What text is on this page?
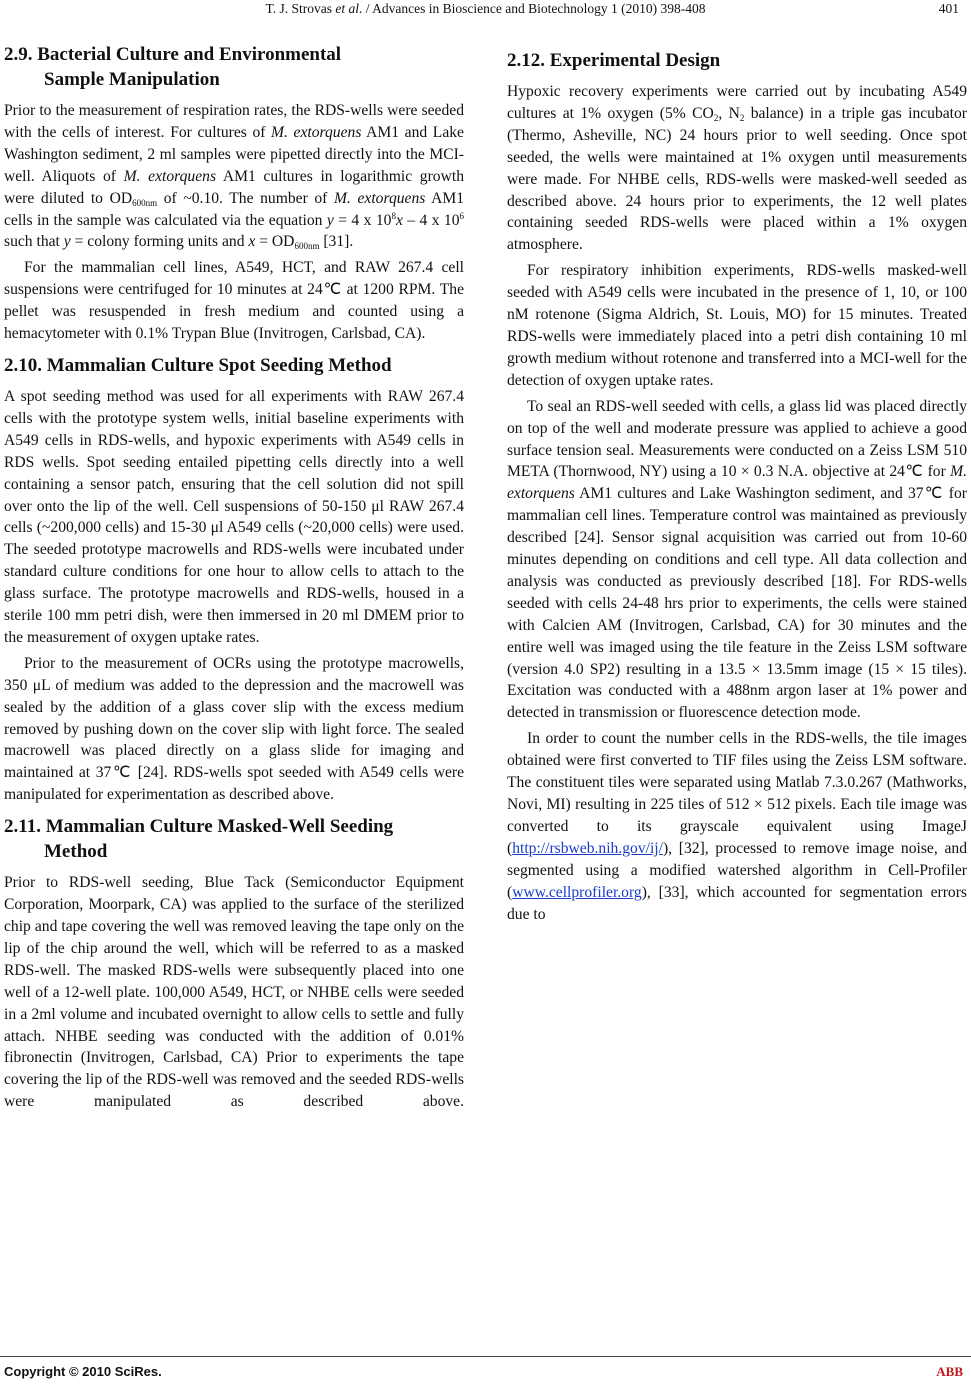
T. J. Strovas et al. / Advances in Bioscience and Biotechnology 1 (2010) 398-408	401
2.9. Bacterial Culture and Environmental
Sample Manipulation

Prior to the measurement of respiration rates, the RDS-wells were seeded with the cells of interest. For cultures of M. extorquens AM1 and Lake Washington sediment, 2 ml samples were pipetted directly into the MCI-well. Aliquots of M. extorquens AM1 cultures in logarithmic growth were diluted to $OD_{600nm}$ of ~0.10. The number of M. extorquens AM1 cells in the sample was calculated via the equation y = 4 x $10^8x - 4$ x $10^6$ such that y = colony forming units and $x = OD_{600nm}$ [31].

For the mammalian cell lines, A549, HCT, and RAW 267.4 cell suspensions were centrifuged for 10 minutes at 24℃ at 1200 RPM. The pellet was resuspended in fresh medium and counted using a hemacytometer with 0.1% Trypan Blue (Invitrogen, Carlsbad, CA).

2.10. Mammalian Culture Spot Seeding Method

A spot seeding method was used for all experiments with RAW 267.4 cells with the prototype system wells, initial baseline experiments with A549 cells in RDS-wells, and hypoxic experiments with A549 cells in RDS wells. Spot seeding entailed pipetting cells directly into a well containing a sensor patch, ensuring that the cell solution did not spill over onto the lip of the well. Cell suspensions of 50-150 μl RAW 267.4 cells (~200,000 cells) and 15-30 μl A549 cells (~20,000 cells) were used. The seeded prototype macrowells and RDS-wells were incubated under standard culture conditions for one hour to allow cells to attach to the glass surface. The prototype macrowells and RDS-wells, housed in a sterile 100 mm petri dish, were then immersed in 20 ml DMEM prior to the measurement of oxygen uptake rates.

Prior to the measurement of OCRs using the prototype macrowells, 350 μL of medium was added to the depression and the macrowell was sealed by the addition of a glass cover slip with the excess medium removed by pushing down on the cover slip with light force. The sealed macrowell was placed directly on a glass slide for imaging and maintained at 37℃ [24]. RDS-wells spot seeded with A549 cells were manipulated for experimentation as described above.

2.11. Mammalian Culture Masked-Well Seeding
Method

Prior to RDS-well seeding, Blue Tack (Semiconductor Equipment Corporation, Moorpark, CA) was applied to the surface of the sterilized chip and tape covering the well was removed leaving the tape only on the lip of the chip around the well, which will be referred to as a masked RDS-well. The masked RDS-wells were subsequently placed into one well of a 12-well plate. 100,000 A549, HCT, or NHBE cells were seeded in a 2ml volume and incubated overnight to allow cells to settle and fully attach. NHBE seeding was conducted with the addition of 0.01% fibronectin (Invitrogen, Carlsbad, CA) Prior to experiments the tape covering the lip of the RDS-well was removed and the seeded RDS-wells were manipulated as described above.

2.12. Experimental Design

Hypoxic recovery experiments were carried out by incubating A549 cultures at 1% oxygen (5% $CO_2$, $N_2$ balance) in a triple gas incubator (Thermo, Asheville, NC) 24 hours prior to well seeding. Once spot seeded, the wells were maintained at 1% oxygen until measurements were made. For NHBE cells, RDS-wells were masked-well seeded as described above. 24 hours prior to experiments, the 12 well plates containing seeded RDS-wells were placed within a 1% oxygen atmosphere.

For respiratory inhibition experiments, RDS-wells masked-well seeded with A549 cells were incubated in the presence of 1, 10, or 100 nM rotenone (Sigma Aldrich, St. Louis, MO) for 15 minutes. Treated RDS-wells were immediately placed into a petri dish containing 10 ml growth medium without rotenone and transferred into a MCI-well for the detection of oxygen uptake rates.

To seal an RDS-well seeded with cells, a glass lid was placed directly on top of the well and moderate pressure was applied to achieve a good surface tension seal. Measurements were conducted on a Zeiss LSM 510 META (Thornwood, NY) using a 10 × 0.3 N.A. objective at 24℃ for M. extorquens AM1 cultures and Lake Washington sediment, and 37℃ for mammalian cell lines. Temperature control was maintained as previously described [24]. Sensor signal acquisition was carried out from 10-60 minutes depending on conditions and cell type. All data collection and analysis was conducted as previously described [18]. For RDS-wells seeded with cells 24-48 hrs prior to experiments, the cells were stained with Calcien AM (Invitrogen, Carlsbad, CA) for 30 minutes and the entire well was imaged using the tile feature in the Zeiss LSM software (version 4.0 SP2) resulting in a 13.5 × 13.5mm image (15 × 15 tiles). Excitation was conducted with a 488nm argon laser at 1% power and detected in transmission or fluorescence detection mode.

In order to count the number cells in the RDS-wells, the tile images obtained were first converted to TIF files using the Zeiss LSM software. The constituent tiles were separated using Matlab 7.3.0.267 (Mathworks, Novi, MI) resulting in 225 tiles of 512 × 512 pixels. Each tile image was converted to its grayscale equivalent using ImageJ (http://rsbweb.nih.gov/ij/), [32], processed to remove image noise, and segmented using a modified watershed algorithm in Cell-Profiler (www.cellprofiler.org), [33], which accounted for segmentation errors due to

Copyright © 2010 SciRes.	ABB
